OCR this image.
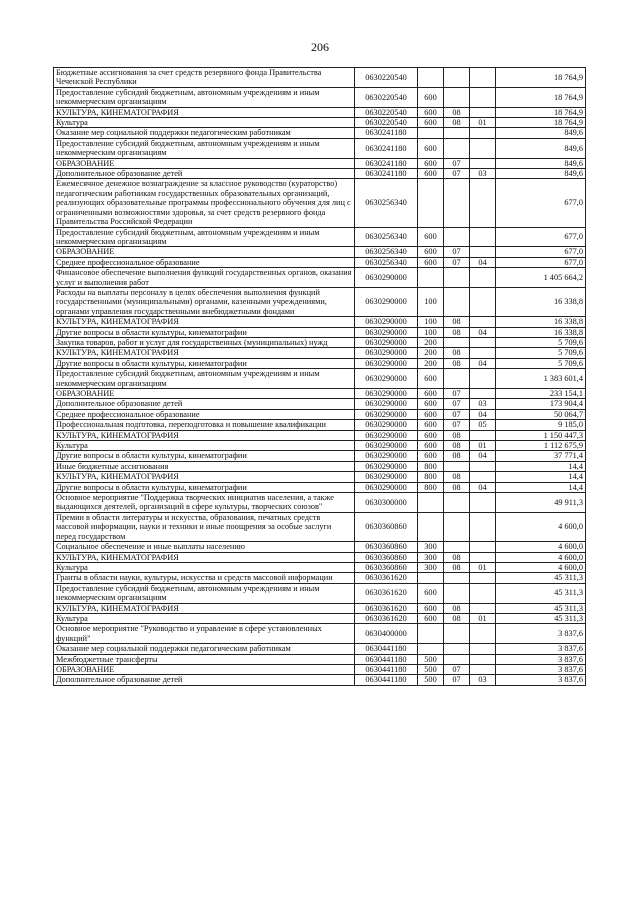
206
Бюджетные ассигнования за счет средств резервного фонда Правительства Чеченской Республики	0630220540				18 764,9
Предоставление субсидий бюджетным, автономным учреждениям и иным некоммерческим организациям	0630220540	600			18 764,9
КУЛЬТУРА, КИНЕМАТОГРАФИЯ	0630220540	600	08		18 764,9
Культура	0630220540	600	08	01	18 764,9
Оказание мер социальной поддержки педагогическим работникам	0630241180				849,6
Предоставление субсидий бюджетным, автономным учреждениям и иным некоммерческим организациям	0630241180	600			849,6
ОБРАЗОВАНИЕ	0630241180	600	07		849,6
Дополнительное образование детей	0630241180	600	07	03	849,6
Ежемесячное денежное вознаграждение за классное руководство (кураторство) педагогическим работникам государственных образовательных организаций, реализующих образовательные программы профессионального обучения для лиц с ограниченными возможностями здоровья, за счет средств резервного фонда Правительства Российской Федерации	0630256340				677,0
Предоставление субсидий бюджетным, автономным учреждениям и иным некоммерческим организациям	0630256340	600			677,0
ОБРАЗОВАНИЕ	0630256340	600	07		677,0
Среднее профессиональное образование	0630256340	600	07	04	677,0
Финансовое обеспечение выполнения функций государственных органов, оказания услуг и выполнения работ	0630290000				1 405 664,2
Расходы на выплаты персоналу в целях обеспечения выполнения функций государственными (муниципальными) органами, казенными учреждениями, органами управления государственными внебюджетными фондами	0630290000	100			16 338,8
КУЛЬТУРА, КИНЕМАТОГРАФИЯ	0630290000	100	08		16 338,8
Другие вопросы в области культуры, кинематографии	0630290000	100	08	04	16 338,8
Закупка товаров, работ и услуг для государственных (муниципальных) нужд	0630290000	200			5 709,6
КУЛЬТУРА, КИНЕМАТОГРАФИЯ	0630290000	200	08		5 709,6
Другие вопросы в области культуры, кинематографии	0630290000	200	08	04	5 709,6
Предоставление субсидий бюджетным, автономным учреждениям и иным некоммерческим организациям	0630290000	600			1 383 601,4
ОБРАЗОВАНИЕ	0630290000	600	07		233 154,1
Дополнительное образование детей	0630290000	600	07	03	173 904,4
Среднее профессиональное образование	0630290000	600	07	04	50 064,7
Профессиональная подготовка, переподготовка и повышение квалификации	0630290000	600	07	05	9 185,0
КУЛЬТУРА, КИНЕМАТОГРАФИЯ	0630290000	600	08		1 150 447,3
Культура	0630290000	600	08	01	1 112 675,9
Другие вопросы в области культуры, кинематографии	0630290000	600	08	04	37 771,4
Иные бюджетные ассигнования	0630290000	800			14,4
КУЛЬТУРА, КИНЕМАТОГРАФИЯ	0630290000	800	08		14,4
Другие вопросы в области культуры, кинематографии	0630290000	800	08	04	14,4
Основное мероприятие "Поддержка творческих инициатив населения, а также выдающихся деятелей, организаций в сфере культуры, творческих союзов"	0630300000				49 911,3
Премии в области литературы и искусства, образования, печатных средств массовой информации, науки и техники и иные поощрения за особые заслуги перед государством	0630360860				4 600,0
Социальное обеспечение и иные выплаты населению	0630360860	300			4 600,0
КУЛЬТУРА, КИНЕМАТОГРАФИЯ	0630360860	300	08		4 600,0
Культура	0630360860	300	08	01	4 600,0
Гранты в области науки, культуры, искусства и средств массовой информации	0630361620				45 311,3
Предоставление субсидий бюджетным, автономным учреждениям и иным некоммерческим организациям	0630361620	600			45 311,3
КУЛЬТУРА, КИНЕМАТОГРАФИЯ	0630361620	600	08		45 311,3
Культура	0630361620	600	08	01	45 311,3
Основное мероприятие "Руководство и управление в сфере установленных функций"	0630400000				3 837,6
Оказание мер социальной поддержки педагогическим работникам	0630441180				3 837,6
Межбюджетные трансферты	0630441180	500			3 837,6
ОБРАЗОВАНИЕ	0630441180	500	07		3 837,6
Дополнительное образование детей	0630441180	500	07	03	3 837,6
